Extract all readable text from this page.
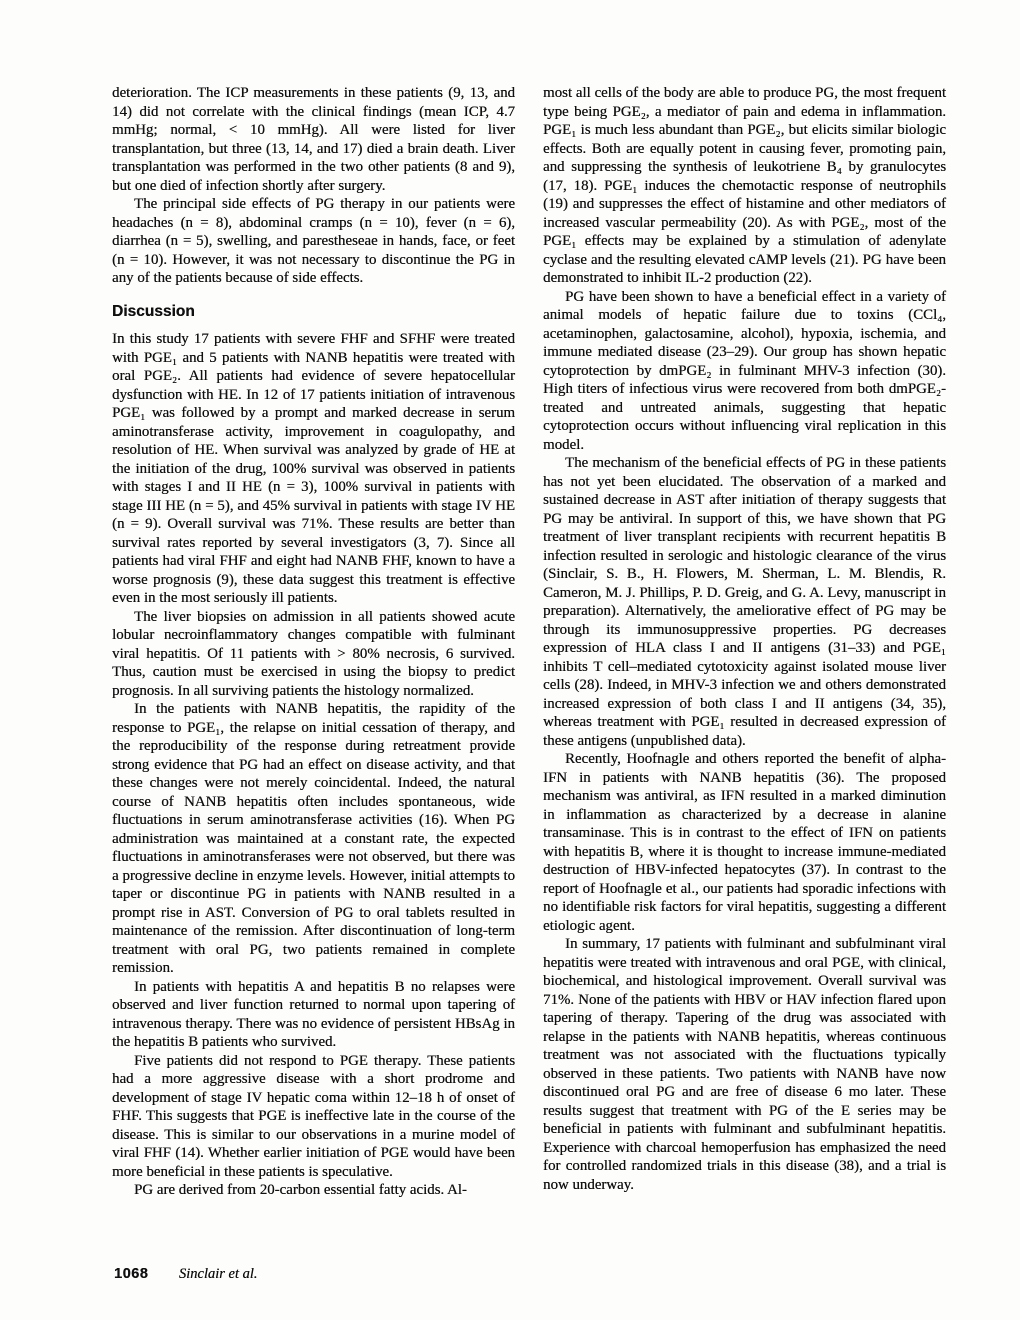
deterioration. The ICP measurements in these patients (9, 13, and 14) did not correlate with the clinical findings (mean ICP, 4.7 mmHg; normal, < 10 mmHg). All were listed for liver transplantation, but three (13, 14, and 17) died a brain death. Liver transplantation was performed in the two other patients (8 and 9), but one died of infection shortly after surgery.

The principal side effects of PG therapy in our patients were headaches (n = 8), abdominal cramps (n = 10), fever (n = 6), diarrhea (n = 5), swelling, and parestheseae in hands, face, or feet (n = 10). However, it was not necessary to discontinue the PG in any of the patients because of side effects.

Discussion

In this study 17 patients with severe FHF and SFHF were treated with PGE₁ and 5 patients with NANB hepatitis were treated with oral PGE₂. All patients had evidence of severe hepatocellular dysfunction with HE. In 12 of 17 patients initiation of intravenous PGE₁ was followed by a prompt and marked decrease in serum aminotransferase activity, improvement in coagulopathy, and resolution of HE. When survival was analyzed by grade of HE at the initiation of the drug, 100% survival was observed in patients with stages I and II HE (n = 3), 100% survival in patients with stage III HE (n = 5), and 45% survival in patients with stage IV HE (n = 9). Overall survival was 71%. These results are better than survival rates reported by several investigators (3, 7). Since all patients had viral FHF and eight had NANB FHF, known to have a worse prognosis (9), these data suggest this treatment is effective even in the most seriously ill patients.

The liver biopsies on admission in all patients showed acute lobular necroinflammatory changes compatible with fulminant viral hepatitis. Of 11 patients with > 80% necrosis, 6 survived. Thus, caution must be exercised in using the biopsy to predict prognosis. In all surviving patients the histology normalized.

In the patients with NANB hepatitis, the rapidity of the response to PGE₁, the relapse on initial cessation of therapy, and the reproducibility of the response during retreatment provide strong evidence that PG had an effect on disease activity, and that these changes were not merely coincidental. Indeed, the natural course of NANB hepatitis often includes spontaneous, wide fluctuations in serum aminotransferase activities (16). When PG administration was maintained at a constant rate, the expected fluctuations in aminotransferases were not observed, but there was a progressive decline in enzyme levels. However, initial attempts to taper or discontinue PG in patients with NANB resulted in a prompt rise in AST. Conversion of PG to oral tablets resulted in maintenance of the remission. After discontinuation of long-term treatment with oral PG, two patients remained in complete remission.

In patients with hepatitis A and hepatitis B no relapses were observed and liver function returned to normal upon tapering of intravenous therapy. There was no evidence of persistent HBsAg in the hepatitis B patients who survived.

Five patients did not respond to PGE therapy. These patients had a more aggressive disease with a short prodrome and development of stage IV hepatic coma within 12–18 h of onset of FHF. This suggests that PGE is ineffective late in the course of the disease. This is similar to our observations in a murine model of viral FHF (14). Whether earlier initiation of PGE would have been more beneficial in these patients is speculative.

PG are derived from 20-carbon essential fatty acids. Al-

most all cells of the body are able to produce PG, the most frequent type being PGE₂, a mediator of pain and edema in inflammation. PGE₁ is much less abundant than PGE₂, but elicits similar biologic effects. Both are equally potent in causing fever, promoting pain, and suppressing the synthesis of leukotriene B₄ by granulocytes (17, 18). PGE₁ induces the chemotactic response of neutrophils (19) and suppresses the effect of histamine and other mediators of increased vascular permeability (20). As with PGE₂, most of the PGE₁ effects may be explained by a stimulation of adenylate cyclase and the resulting elevated cAMP levels (21). PG have been demonstrated to inhibit IL-2 production (22).

PG have been shown to have a beneficial effect in a variety of animal models of hepatic failure due to toxins (CCl₄, acetaminophen, galactosamine, alcohol), hypoxia, ischemia, and immune mediated disease (23–29). Our group has shown hepatic cytoprotection by dmPGE₂ in fulminant MHV-3 infection (30). High titers of infectious virus were recovered from both dmPGE₂-treated and untreated animals, suggesting that hepatic cytoprotection occurs without influencing viral replication in this model.

The mechanism of the beneficial effects of PG in these patients has not yet been elucidated. The observation of a marked and sustained decrease in AST after initiation of therapy suggests that PG may be antiviral. In support of this, we have shown that PG treatment of liver transplant recipients with recurrent hepatitis B infection resulted in serologic and histologic clearance of the virus (Sinclair, S. B., H. Flowers, M. Sherman, L. M. Blendis, R. Cameron, M. J. Phillips, P. D. Greig, and G. A. Levy, manuscript in preparation). Alternatively, the ameliorative effect of PG may be through its immunosuppressive properties. PG decreases expression of HLA class I and II antigens (31–33) and PGE₁ inhibits T cell–mediated cytotoxicity against isolated mouse liver cells (28). Indeed, in MHV-3 infection we and others demonstrated increased expression of both class I and II antigens (34, 35), whereas treatment with PGE₁ resulted in decreased expression of these antigens (unpublished data).

Recently, Hoofnagle and others reported the benefit of alpha-IFN in patients with NANB hepatitis (36). The proposed mechanism was antiviral, as IFN resulted in a marked diminution in inflammation as characterized by a decrease in alanine transaminase. This is in contrast to the effect of IFN on patients with hepatitis B, where it is thought to increase immune-mediated destruction of HBV-infected hepatocytes (37). In contrast to the report of Hoofnagle et al., our patients had sporadic infections with no identifiable risk factors for viral hepatitis, suggesting a different etiologic agent.

In summary, 17 patients with fulminant and subfulminant viral hepatitis were treated with intravenous and oral PGE, with clinical, biochemical, and histological improvement. Overall survival was 71%. None of the patients with HBV or HAV infection flared upon tapering of therapy. Tapering of the drug was associated with relapse in the patients with NANB hepatitis, whereas continuous treatment was not associated with the fluctuations typically observed in these patients. Two patients with NANB have now discontinued oral PG and are free of disease 6 mo later. These results suggest that treatment with PG of the E series may be beneficial in patients with fulminant and subfulminant hepatitis. Experience with charcoal hemoperfusion has emphasized the need for controlled randomized trials in this disease (38), and a trial is now underway.

1068 Sinclair et al.
